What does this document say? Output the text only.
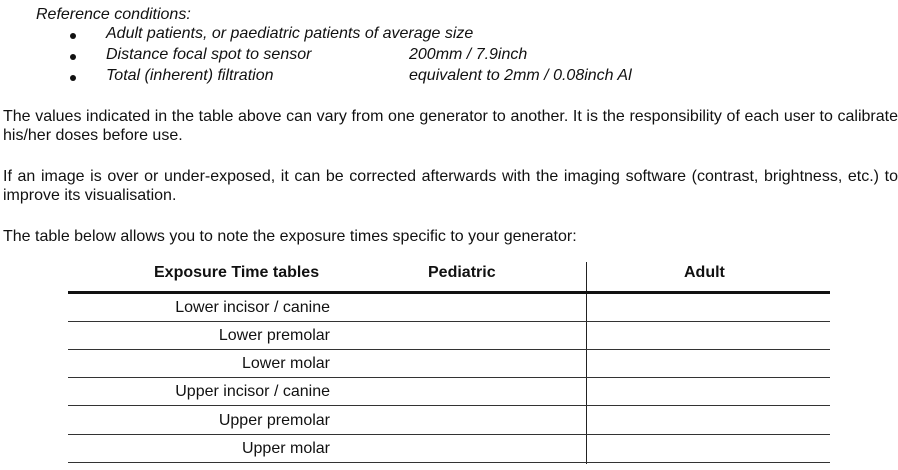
Reference conditions:
Adult patients, or paediatric patients of average size
Distance focal spot to sensor	200mm / 7.9inch
Total (inherent) filtration	equivalent to 2mm / 0.08inch Al

The values indicated in the table above can vary from one generator to another. It is the responsibility of each user to calibrate his/her doses before use.

If an image is over or under-exposed, it can be corrected afterwards with the imaging software (contrast, brightness, etc.) to improve its visualisation.

The table below allows you to note the exposure times specific to your generator:

Exposure Time tables	Pediatric	Adult
Lower incisor / canine
Lower premolar
Lower molar
Upper incisor / canine
Upper premolar
Upper molar
